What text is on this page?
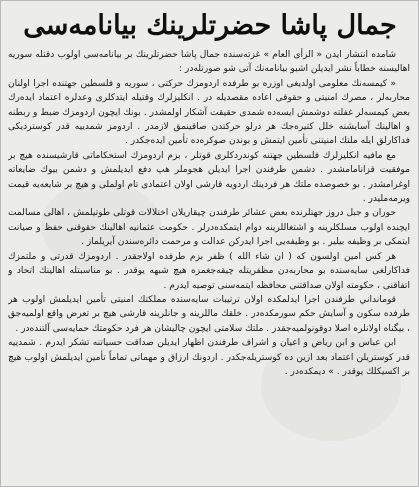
جمال پاشا حضرتلرينك بيانامه‌سى

شامده انتشار ايدن « الرأى العام » غزته‌سنده جمال پاشا حضرتلرينك بر بيانامه‌سى اولوب دقتله سوريه اهاليسنه خطاباً نشر ايديلن اشبو بيانامه‌نك آتى شو صورتله‌در :

« كيمسه‌نك معلومى اولديغى اوزره بو طرفده اردومزك حركتى ، سوريه و فلسطين جهتنده اجرا اولنان محاربه‌لر ، مصرك امنيتى و حقوقى اعاده مقصديله در . انكليزلرك وقتيله ايتدكلرى وعدلره اعتماد ايده‌رك بعض كيمسه‌لر غفلته دوشمش ايسه‌ده شمدى حقيقت آشكار اولمشدر . بونك ايچون اردومزك ضبط و ربطنه و اهالينك آسايشنه خلل كتيره‌جك هر درلو حركتدن صاقينمق لازمدر . اردومز شمدييه قدر كوستردیكى فداكارلق ايله ملتك امنيتنى تأمين ايتمش و بوندن صوكره‌ده تأمين ايده‌جكدر .

مع مافيه انكليزلرك فلسطين جهتنه كوندردكلرى قوتلر ، بزم اردومزك استحكاماتى قارشيسنده هيچ بر موفقيت قزانامامشدر . دشمن طرفندن اجرا ايديلن هجوملر هپ دفع ايديلمش و دشمن بيوك ضايعاته اوغرامشدر . بو خصوصده ملتك هر فردينك اردويه قارشى اولان اعتمادى تام اولملى و هيچ بر شايعه‌يه قيمت ويرمه‌ملیدر .

حوران و جبل دروز جهتلرنده بعض عشائر طرفندن چيقاريلان اختلالات قوتلى طوتيلمش ، اهالى مسالمت ايچنده اولوب مسلكلرينه و اشتغاللرينه دوام ايتمكده‌درلر . حكومت عثمانيه اهالينك حقوقنى حفظ و صيانت ايتمكى بر وظيفه بيلير . بو وظيفه‌يى اجرا ايدركن عدالت و مرحمت دائره‌سندن آيريلماز .

هر كس امين اولسون كه ( ان شاء الله ) ظفر بزم طرفده اولاجقدر . اردومزك قدرتى و ملتمزك فداكارلغى سايه‌سنده بو محاربه‌دن مظفريتله چيقه‌جغمزه هيچ شبهه يوقدر . بو مناسبتله اهالينك اتحاد و اتفاقنى ، حكومته اولان صداقتنى محافظه ايتمه‌سنى توصيه ايدرم .

قومانداني طرفندن اجرا ايدلمكده اولان ترتيبات سايه‌سنده مملكتك امنيتى تأمين ايديلمش اولوب هر طرفده سكون و آسايش حكم سورمكده‌در . خلقك ماللرينه و جانلرينه قارشى هيچ بر تعرض واقع اولميه‌جق ، بيگناه اولانلره اصلا دوقونولميه‌جقدر . ملتك سلامتى ايچون چاليشان هر فرد حكومتك حمايه‌سى آلتنده‌در .

ابن عباس و ابن رياض و اعيان و اشراف طرفندن اظهار ايديلن صداقت حسياتنه تشكر ايدرم . شمدييه قدر كوستريلن اعتماد بعد ازين ده كوستريله‌جكدر . اردونك ارزاق و مهماتى تماماً تأمين ايديلمش اولوب هيچ بر اكسيكلك يوقدر . » ديمكده‌در .
